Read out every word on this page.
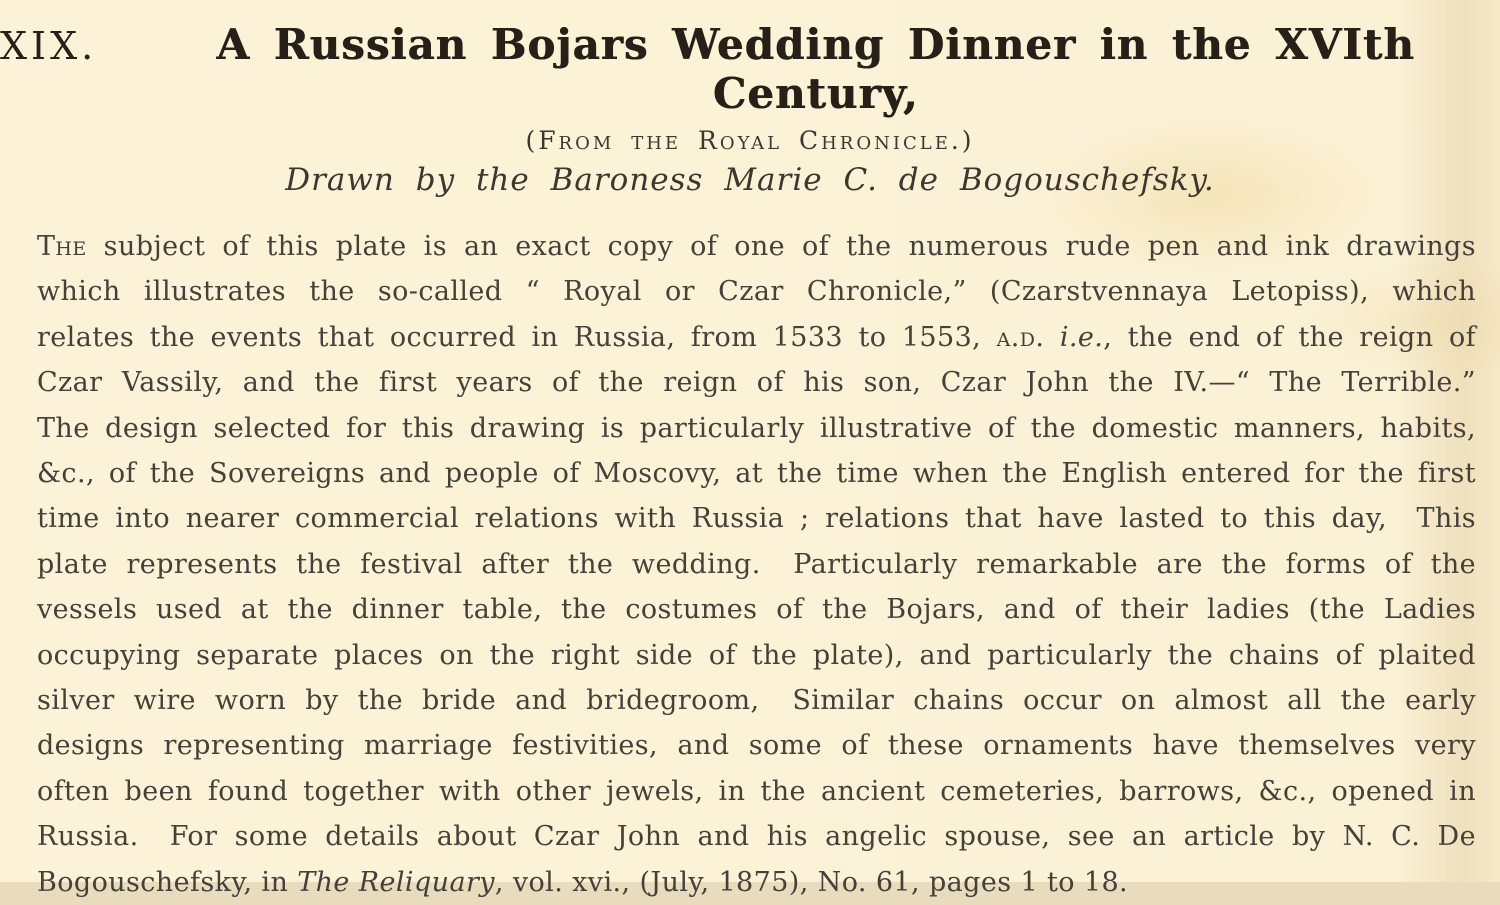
XIX.	A Russian Bojars Wedding Dinner in the XVIth Century,
(From the Royal Chronicle.)
Drawn by the Baroness Marie C. de Bogouschefsky.
The subject of this plate is an exact copy of one of the numerous rude pen and ink drawings
which illustrates the so-called “ Royal or Czar Chronicle,” (Czarstvennaya Letopiss), which
relates the events that occurred in Russia, from 1533 to 1553, a.d. i.e., the end of the reign of
Czar Vassily, and the first years of the reign of his son, Czar John the IV.—“ The Terrible.”
The design selected for this drawing is particularly illustrative of the domestic manners, habits,
&c., of the Sovereigns and people of Moscovy, at the time when the English entered for the first
time into nearer commercial relations with Russia ; relations that have lasted to this day,  This
plate represents the festival after the wedding.  Particularly remarkable are the forms of the
vessels used at the dinner table, the costumes of the Bojars, and of their ladies (the Ladies
occupying separate places on the right side of the plate), and particularly the chains of plaited
silver wire worn by the bride and bridegroom,  Similar chains occur on almost all the early
designs representing marriage festivities, and some of these ornaments have themselves very
often been found together with other jewels, in the ancient cemeteries, barrows, &c., opened in
Russia.  For some details about Czar John and his angelic spouse, see an article by N. C. De
Bogouschefsky, in The Reliquary, vol. xvi., (July, 1875), No. 61, pages 1 to 18.
